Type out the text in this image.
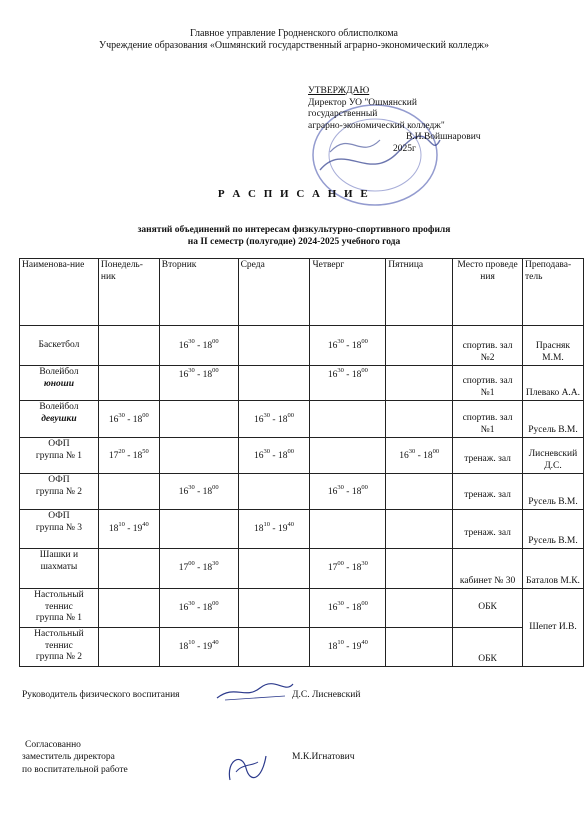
Главное управление Гродненского облисполкома
Учреждение образования «Ошмянский государственный аграрно-экономический колледж»
УТВЕРЖДАЮ
Директор УО "Ошмянский
государственный
аграрно-экономический колледж"
В.И.Войшнарович
2025г
Р А С П И С А Н И Е
занятий объединений по интересам физкультурно-спортивного профиля
на II семестр (полугодие) 2024-2025 учебного года
Наименова-ние	Понедель-ник	Вторник	Среда	Четверг	Пятница	Место проведе ния	Преподава-тель
Баскетбол		$16^{30} - 18^{00}$		$16^{30} - 18^{00}$		спортив. зал №2	Прасняк М.М.

Волейбол
юноши		$16^{30} - 18^{00}$		$16^{30} - 18^{00}$		спортив. зал №1	Плевако А.А.

Волейбол
девушки	$16^{30} - 18^{00}$		$16^{30} - 18^{00}$			спортив. зал №1	Русель В.М.

ОФП
группа № 1	$17^{20} - 18^{50}$		$16^{30} - 18^{00}$		$16^{30} - 18^{00}$	тренаж. зал	Лисневский Д.С.

ОФП
группа № 2		$16^{30} - 18^{00}$		$16^{30} - 18^{00}$		тренаж. зал	Русель В.М.

ОФП
группа № 3	$18^{10} - 19^{40}$		$18^{10} - 19^{40}$			тренаж. зал	Русель В.М.

Шашки и
шахматы		$17^{00} - 18^{30}$		$17^{00} - 18^{30}$		кабинет № 30	Баталов М.К.

Настольный теннис
группа № 1		$16^{30} - 18^{00}$		$16^{30} - 18^{00}$		ОБК	Шепет И.В.

Настольный теннис
группа № 2		$18^{10} - 19^{40}$		$18^{10} - 19^{40}$		ОБК	
Руководитель физического воспитания	Д.С. Лисневский
Согласованно
заместитель директора
по воспитательной работе
М.К.Игнатович
